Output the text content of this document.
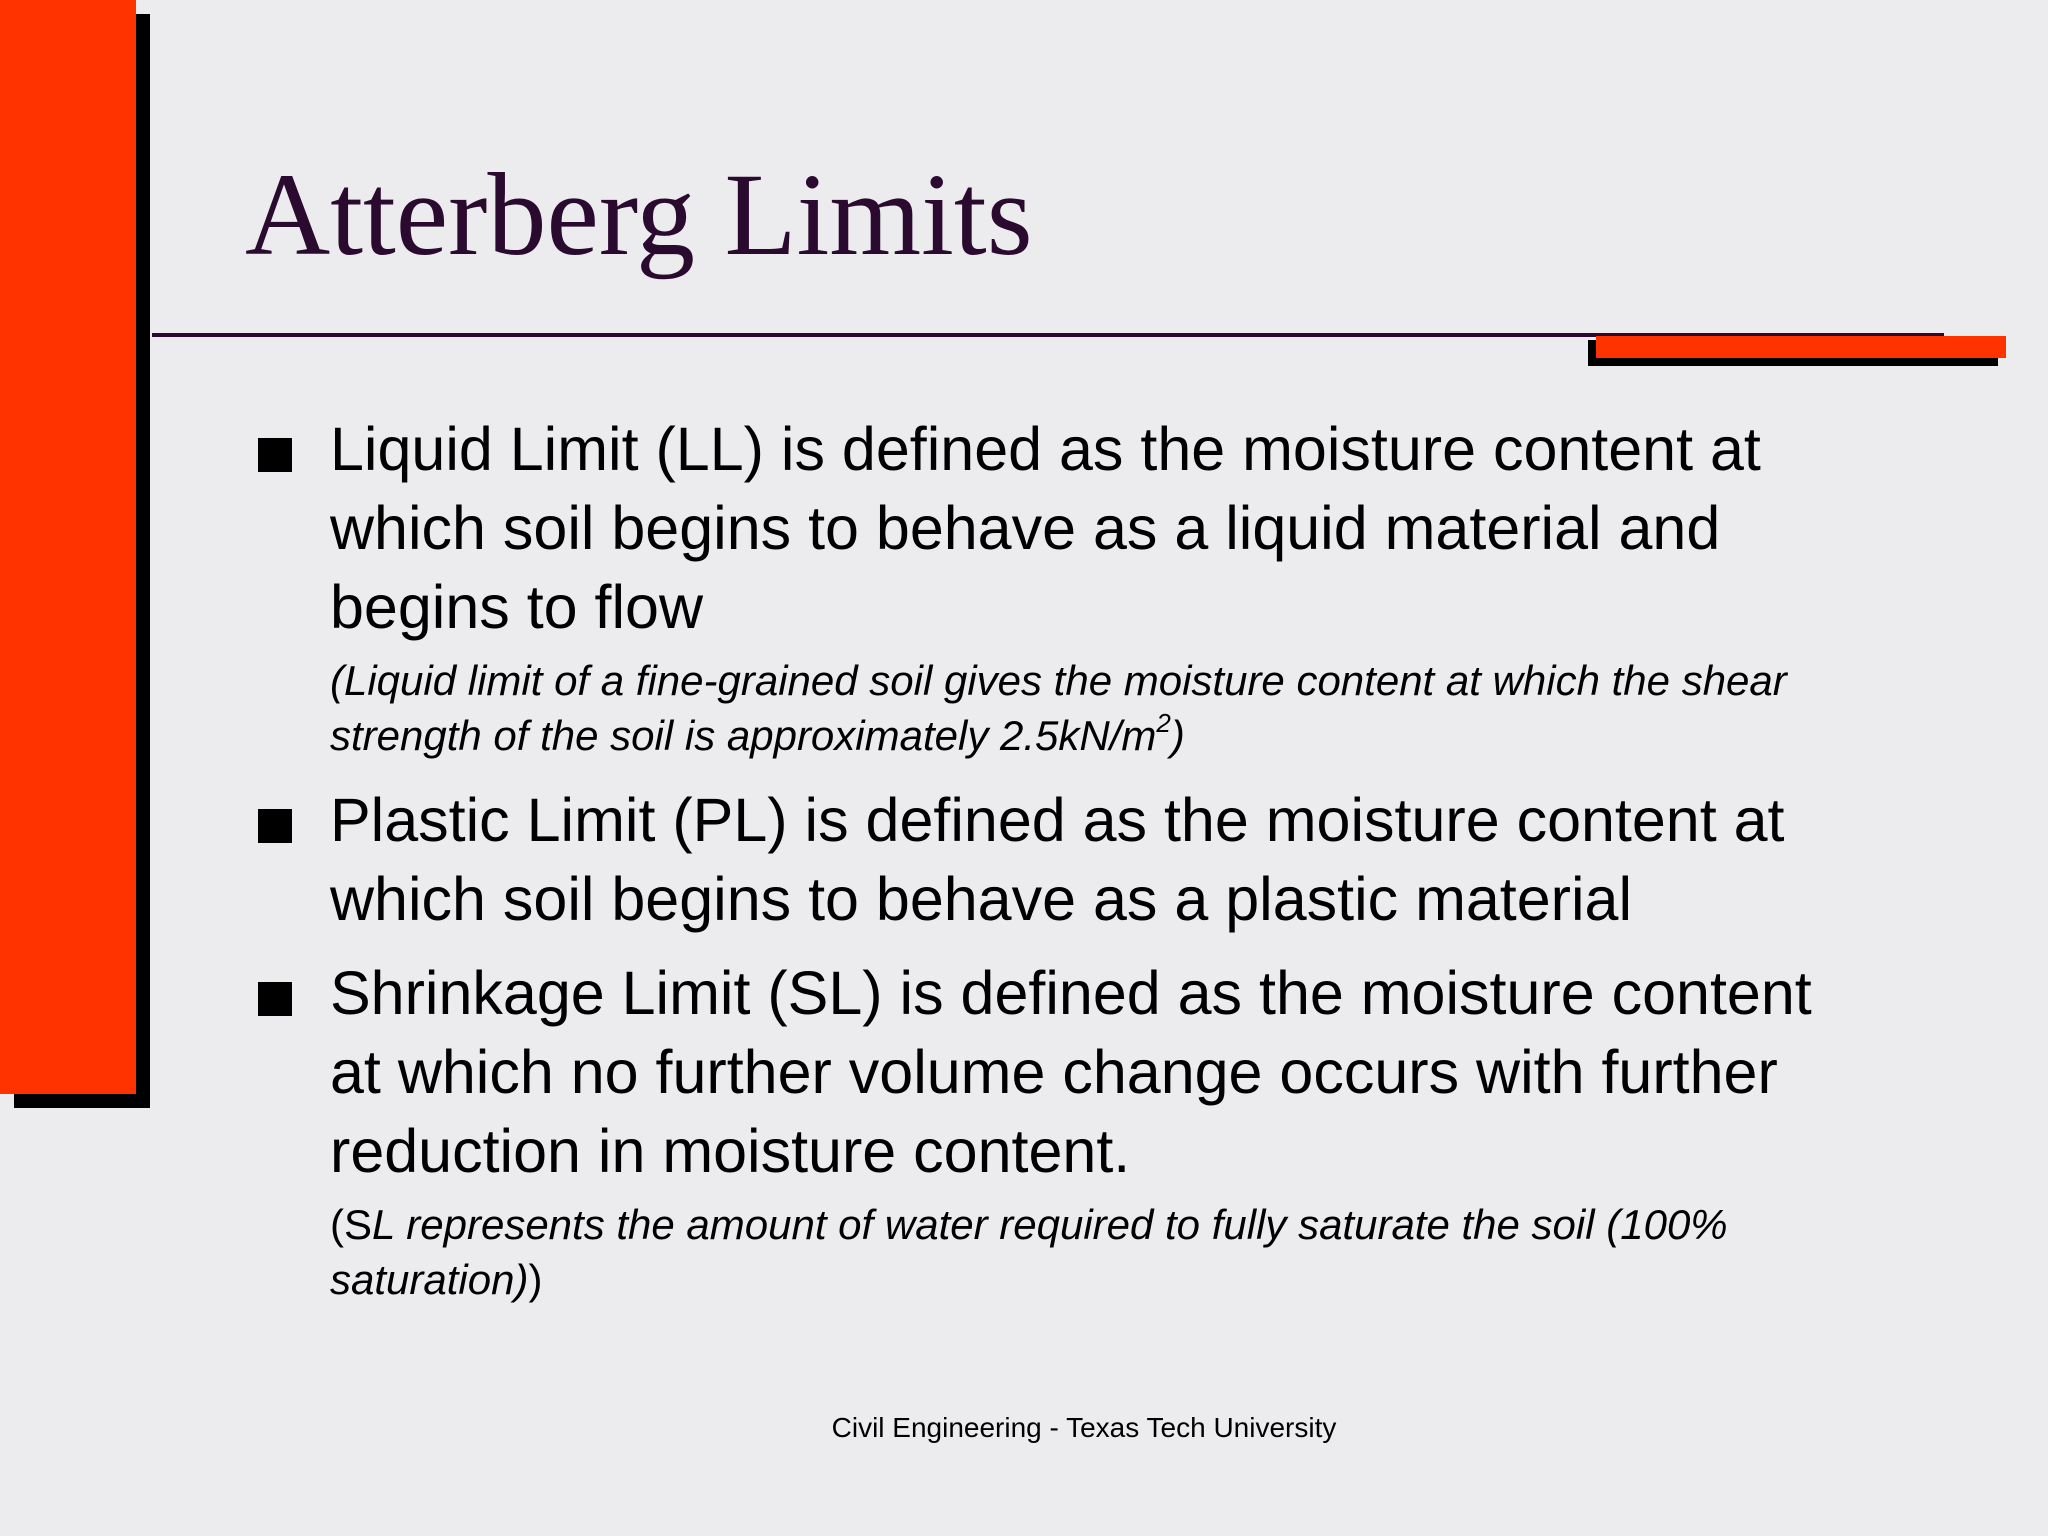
Atterberg Limits
Liquid Limit (LL) is defined as the moisture content at
which soil begins to behave as a liquid material and
begins to flow
(Liquid limit of a fine-grained soil gives the moisture content at which the shear
strength of the soil is approximately $2.5kN/m^2$)
Plastic Limit (PL) is defined as the moisture content at
which soil begins to behave as a plastic material
Shrinkage Limit (SL) is defined as the moisture content
at which no further volume change occurs with further
reduction in moisture content.
(SL represents the amount of water required to fully saturate the soil (100%
saturation))
Civil Engineering - Texas Tech University
